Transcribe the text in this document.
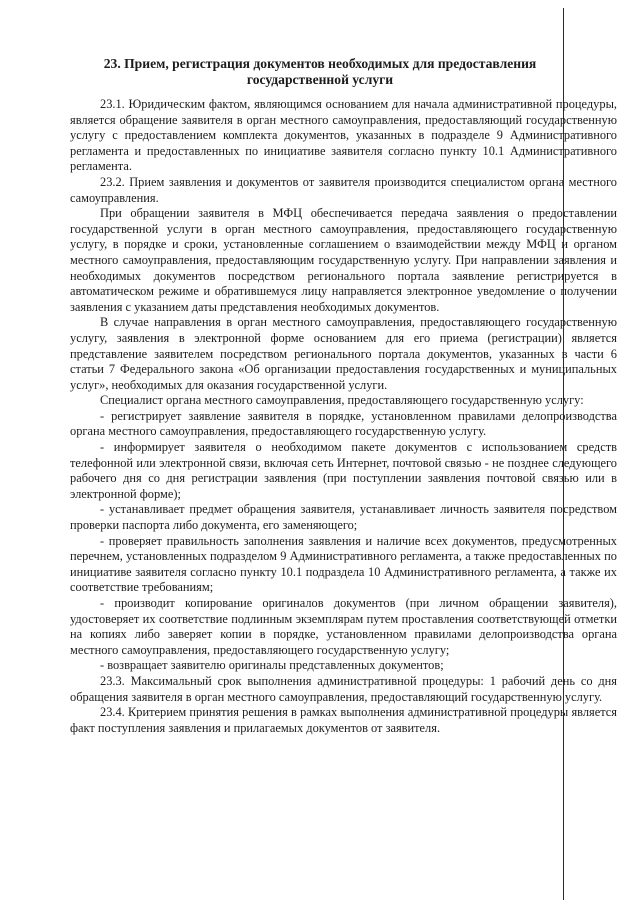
23. Прием, регистрация документов необходимых для предоставления государственной услуги

23.1. Юридическим фактом, являющимся основанием для начала административной процедуры, является обращение заявителя в орган местного самоуправления, предоставляющий государственную услугу с предоставлением комплекта документов, указанных в подразделе 9 Административного регламента и предоставленных по инициативе заявителя согласно пункту 10.1 Административного регламента.

23.2. Прием заявления и документов от заявителя производится специалистом органа местного самоуправления.

При обращении заявителя в МФЦ обеспечивается передача заявления о предоставлении государственной услуги в орган местного самоуправления, предоставляющего государственную услугу, в порядке и сроки, установленные соглашением о взаимодействии между МФЦ и органом местного самоуправления, предоставляющим государственную услугу. При направлении заявления и необходимых документов посредством регионального портала заявление регистрируется в автоматическом режиме и обратившемуся лицу направляется электронное уведомление о получении заявления с указанием даты представления необходимых документов.

В случае направления в орган местного самоуправления, предоставляющего государственную услугу, заявления в электронной форме основанием для его приема (регистрации) является представление заявителем посредством регионального портала документов, указанных в части 6 статьи 7 Федерального закона «Об организации предоставления государственных и муниципальных услуг», необходимых для оказания государственной услуги.

Специалист органа местного самоуправления, предоставляющего государственную услугу:

- регистрирует заявление заявителя в порядке, установленном правилами делопроизводства органа местного самоуправления, предоставляющего государственную услугу.

- информирует заявителя о необходимом пакете документов с использованием средств телефонной или электронной связи, включая сеть Интернет, почтовой связью - не позднее следующего рабочего дня со дня регистрации заявления (при поступлении заявления почтовой связью или в электронной форме);

- устанавливает предмет обращения заявителя, устанавливает личность заявителя посредством проверки паспорта либо документа, его заменяющего;

- проверяет правильность заполнения заявления и наличие всех документов, предусмотренных перечнем, установленных подразделом 9 Административного регламента, а также предоставленных по инициативе заявителя согласно пункту 10.1 подраздела 10 Административного регламента, а также их соответствие требованиям;

- производит копирование оригиналов документов (при личном обращении заявителя), удостоверяет их соответствие подлинным экземплярам путем проставления соответствующей отметки на копиях либо заверяет копии в порядке, установленном правилами делопроизводства органа местного самоуправления, предоставляющего государственную услугу;

- возвращает заявителю оригиналы представленных документов;

23.3. Максимальный срок выполнения административной процедуры: 1 рабочий день со дня обращения заявителя в орган местного самоуправления, предоставляющий государственную услугу.

23.4. Критерием принятия решения в рамках выполнения административной процедуры является факт поступления заявления и прилагаемых документов от заявителя.
